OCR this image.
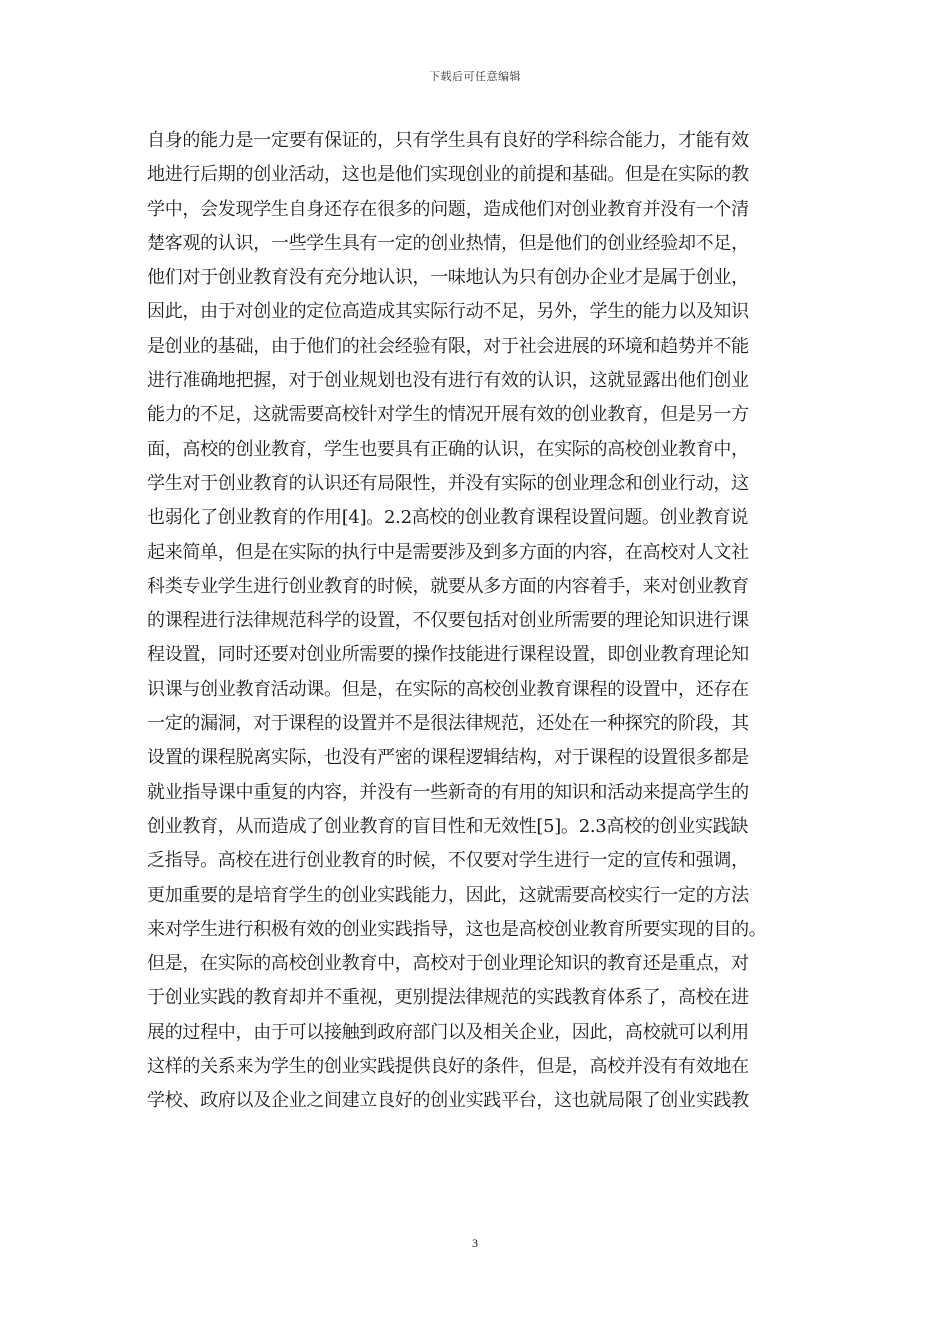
下载后可任意编辑
自身的能力是一定要有保证的，只有学生具有良好的学科综合能力，才能有效
地进行后期的创业活动，这也是他们实现创业的前提和基础。但是在实际的教
学中，会发现学生自身还存在很多的问题，造成他们对创业教育并没有一个清
楚客观的认识，一些学生具有一定的创业热情，但是他们的创业经验却不足，
他们对于创业教育没有充分地认识，一味地认为只有创办企业才是属于创业，
因此，由于对创业的定位高造成其实际行动不足，另外，学生的能力以及知识
是创业的基础，由于他们的社会经验有限，对于社会进展的环境和趋势并不能
进行准确地把握，对于创业规划也没有进行有效的认识，这就显露出他们创业
能力的不足，这就需要高校针对学生的情况开展有效的创业教育，但是另一方
面，高校的创业教育，学生也要具有正确的认识，在实际的高校创业教育中，
学生对于创业教育的认识还有局限性，并没有实际的创业理念和创业行动，这
也弱化了创业教育的作用[4]。2.2高校的创业教育课程设置问题。创业教育说
起来简单，但是在实际的执行中是需要涉及到多方面的内容，在高校对人文社
科类专业学生进行创业教育的时候，就要从多方面的内容着手，来对创业教育
的课程进行法律规范科学的设置，不仅要包括对创业所需要的理论知识进行课
程设置，同时还要对创业所需要的操作技能进行课程设置，即创业教育理论知
识课与创业教育活动课。但是，在实际的高校创业教育课程的设置中，还存在
一定的漏洞，对于课程的设置并不是很法律规范，还处在一种探究的阶段，其
设置的课程脱离实际，也没有严密的课程逻辑结构，对于课程的设置很多都是
就业指导课中重复的内容，并没有一些新奇的有用的知识和活动来提高学生的
创业教育，从而造成了创业教育的盲目性和无效性[5]。2.3高校的创业实践缺
乏指导。高校在进行创业教育的时候，不仅要对学生进行一定的宣传和强调，
更加重要的是培育学生的创业实践能力，因此，这就需要高校实行一定的方法
来对学生进行积极有效的创业实践指导，这也是高校创业教育所要实现的目的。
但是，在实际的高校创业教育中，高校对于创业理论知识的教育还是重点，对
于创业实践的教育却并不重视，更别提法律规范的实践教育体系了，高校在进
展的过程中，由于可以接触到政府部门以及相关企业，因此，高校就可以利用
这样的关系来为学生的创业实践提供良好的条件，但是，高校并没有有效地在
学校、政府以及企业之间建立良好的创业实践平台，这也就局限了创业实践教
3
